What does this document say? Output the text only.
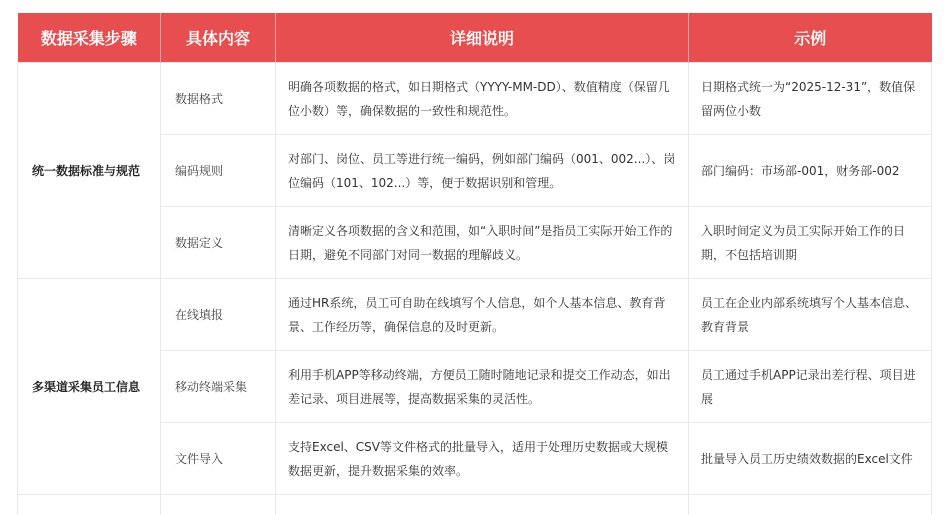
数据采集步骤	具体内容	详细说明	示例
统一数据标准与规范	数据格式	明确各项数据的格式，如日期格式（YYYY-MM-DD）、数值精度（保留几位小数）等，确保数据的一致性和规范性。	日期格式统一为“2025-12-31”，数值保留两位小数
	编码规则	对部门、岗位、员工等进行统一编码，例如部门编码（001、002...）、岗位编码（101、102...）等，便于数据识别和管理。	部门编码：市场部-001，财务部-002
	数据定义	清晰定义各项数据的含义和范围，如“入职时间”是指员工实际开始工作的日期，避免不同部门对同一数据的理解歧义。	入职时间定义为员工实际开始工作的日期，不包括培训期
多渠道采集员工信息	在线填报	通过HR系统，员工可自助在线填写个人信息，如个人基本信息、教育背景、工作经历等，确保信息的及时更新。	员工在企业内部系统填写个人基本信息、教育背景
	移动终端采集	利用手机APP等移动终端，方便员工随时随地记录和提交工作动态，如出差记录、项目进展等，提高数据采集的灵活性。	员工通过手机APP记录出差行程、项目进展
	文件导入	支持Excel、CSV等文件格式的批量导入，适用于处理历史数据或大规模数据更新，提升数据采集的效率。	批量导入员工历史绩效数据的Excel文件
